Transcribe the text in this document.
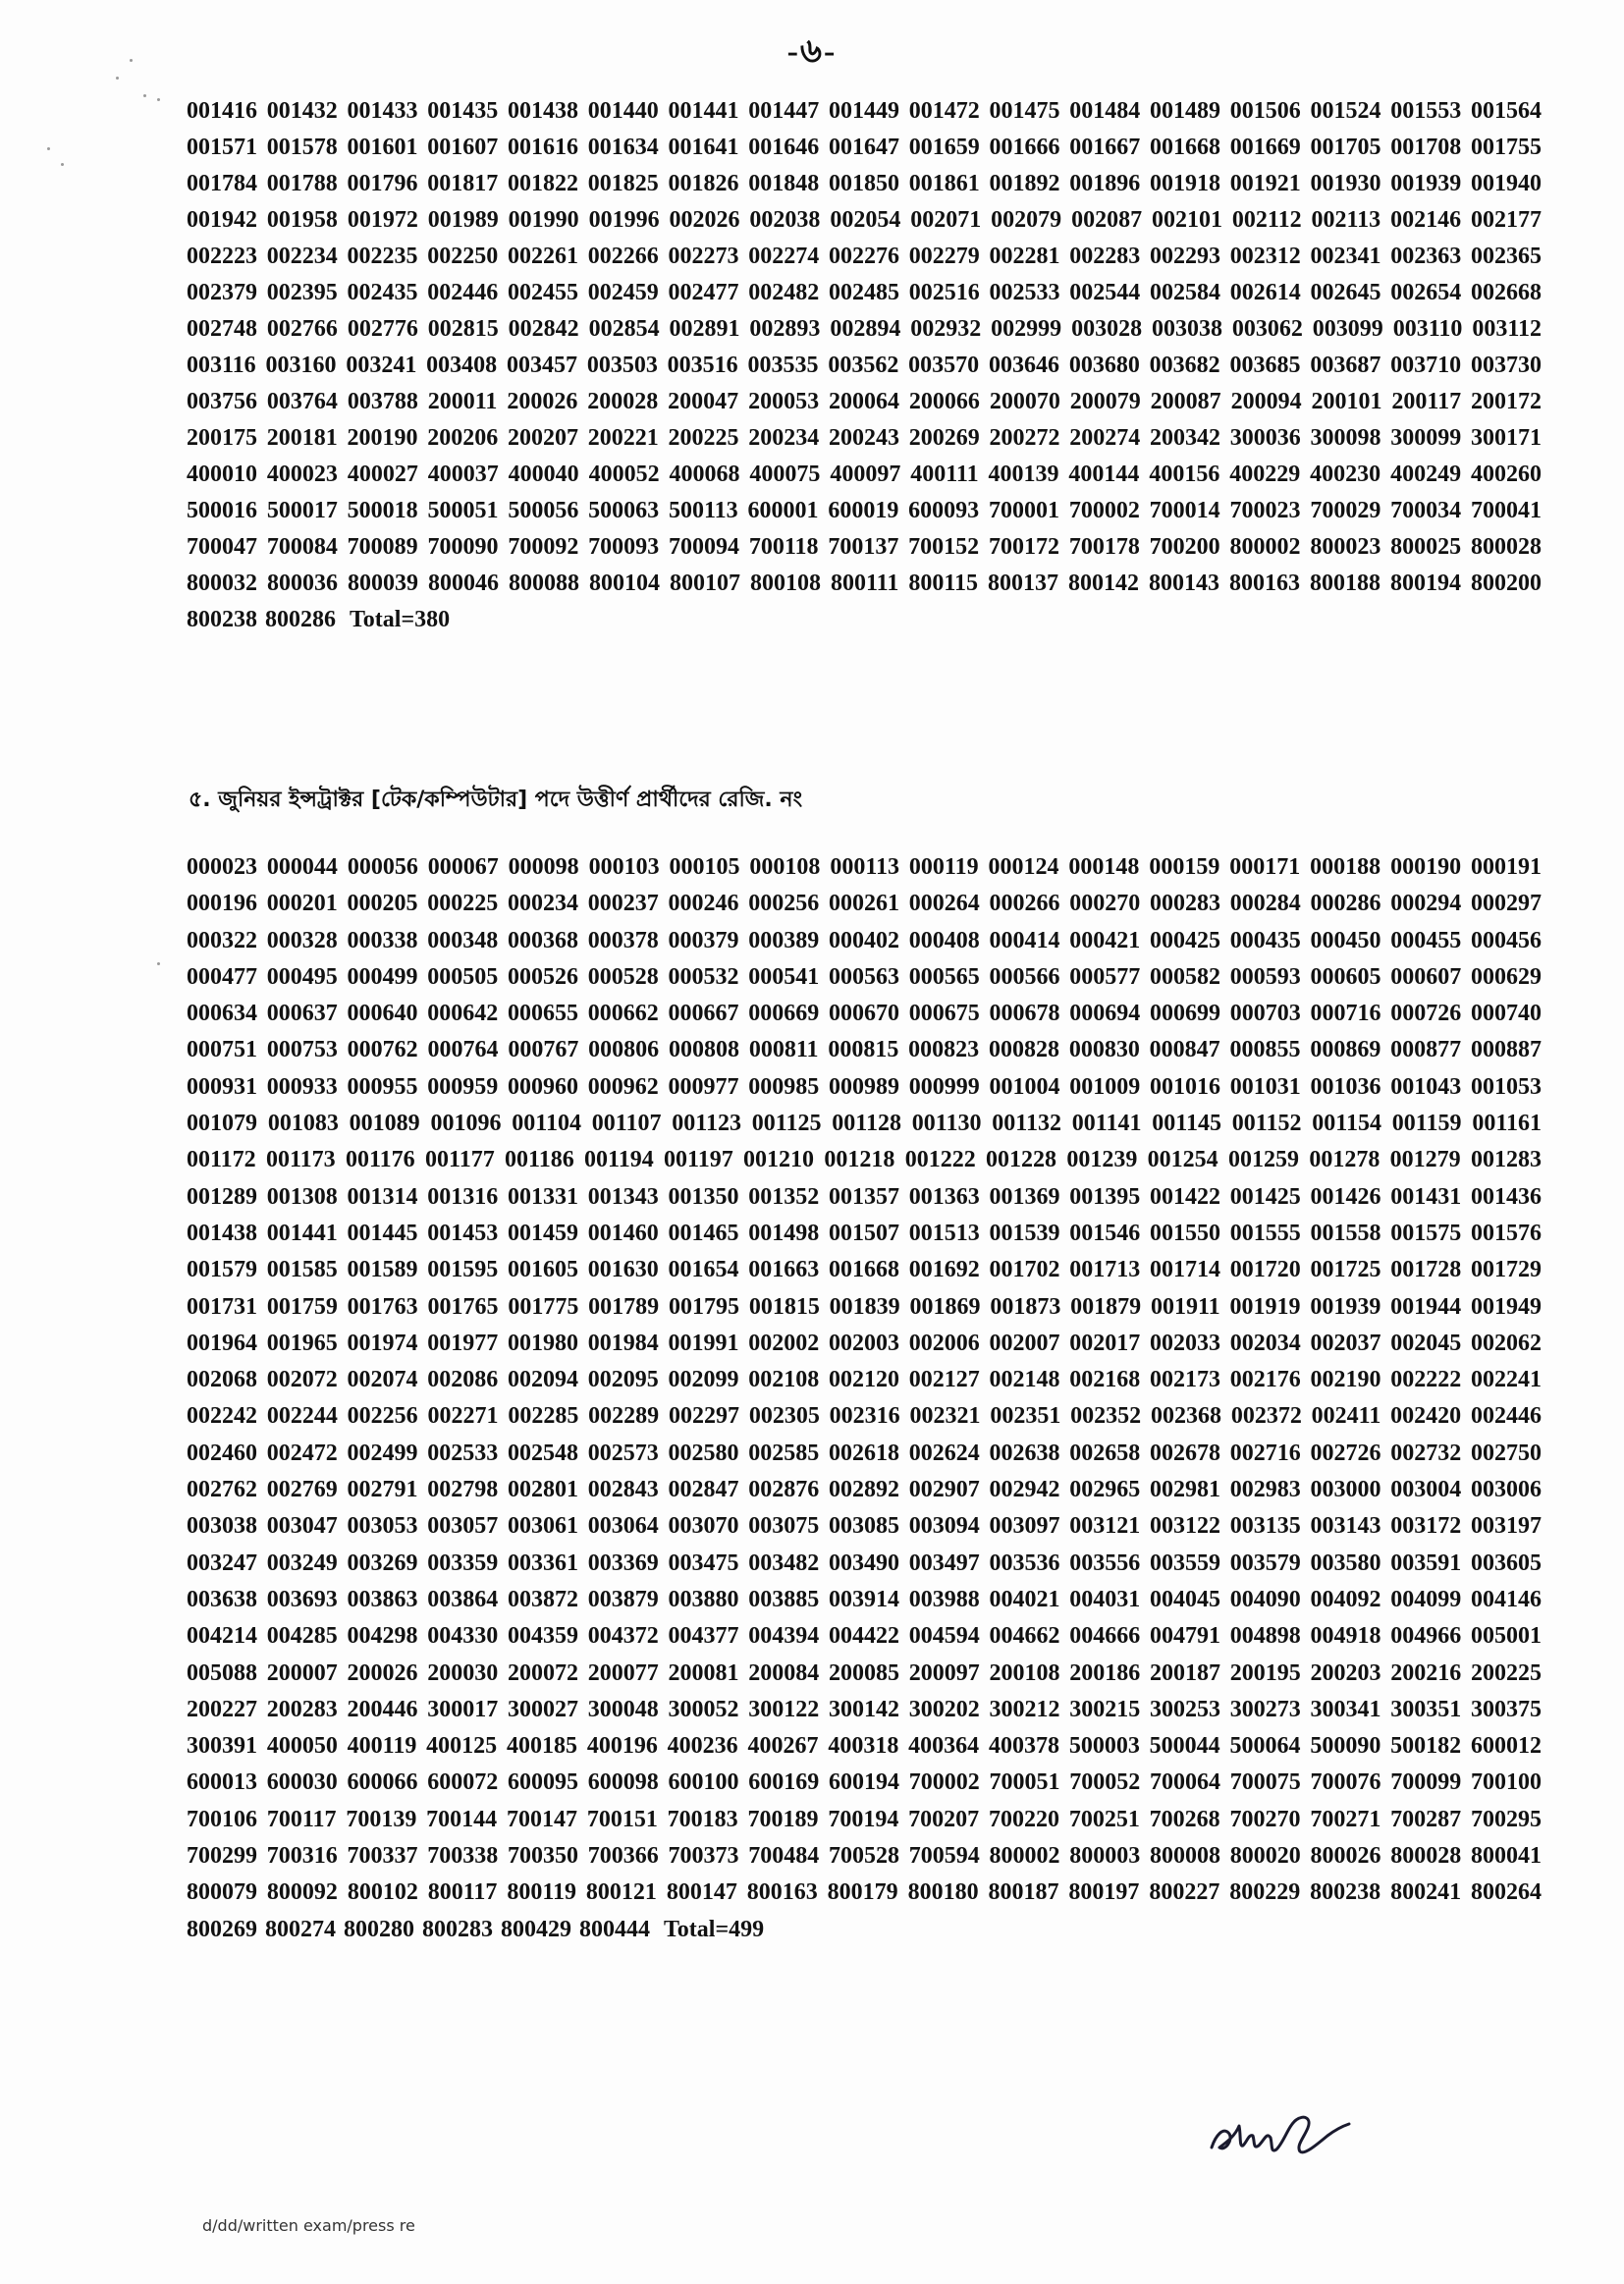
-৬-
001416 001432 001433 001435 001438 001440 001441 001447 001449 001472 001475 001484 001489 001506 001524 001553 001564 001571 001578 001601 001607 001616 001634 001641 001646 001647 001659 001666 001667 001668 001669 001705 001708 001755 001784 001788 001796 001817 001822 001825 001826 001848 001850 001861 001892 001896 001918 001921 001930 001939 001940 001942 001958 001972 001989 001990 001996 002026 002038 002054 002071 002079 002087 002101 002112 002113 002146 002177 002223 002234 002235 002250 002261 002266 002273 002274 002276 002279 002281 002283 002293 002312 002341 002363 002365 002379 002395 002435 002446 002455 002459 002477 002482 002485 002516 002533 002544 002584 002614 002645 002654 002668 002748 002766 002776 002815 002842 002854 002891 002893 002894 002932 002999 003028 003038 003062 003099 003110 003112 003116 003160 003241 003408 003457 003503 003516 003535 003562 003570 003646 003680 003682 003685 003687 003710 003730 003756 003764 003788 200011 200026 200028 200047 200053 200064 200066 200070 200079 200087 200094 200101 200117 200172 200175 200181 200190 200206 200207 200221 200225 200234 200243 200269 200272 200274 200342 300036 300098 300099 300171 400010 400023 400027 400037 400040 400052 400068 400075 400097 400111 400139 400144 400156 400229 400230 400249 400260 500016 500017 500018 500051 500056 500063 500113 600001 600019 600093 700001 700002 700014 700023 700029 700034 700041 700047 700084 700089 700090 700092 700093 700094 700118 700137 700152 700172 700178 700200 800002 800023 800025 800028 800032 800036 800039 800046 800088 800104 800107 800108 800111 800115 800137 800142 800143 800163 800188 800194 800200 800238 800286 Total=380
৫. জুনিয়র ইন্সট্রাক্টর [টেক/কম্পিউটার] পদে উত্তীর্ণ প্রার্থীদের রেজি. নং
000023 000044 000056 000067 000098 000103 000105 000108 000113 000119 000124 000148 000159 000171 000188 000190 000191 000196 000201 000205 000225 000234 000237 000246 000256 000261 000264 000266 000270 000283 000284 000286 000294 000297 000322 000328 000338 000348 000368 000378 000379 000389 000402 000408 000414 000421 000425 000435 000450 000455 000456 000477 000495 000499 000505 000526 000528 000532 000541 000563 000565 000566 000577 000582 000593 000605 000607 000629 000634 000637 000640 000642 000655 000662 000667 000669 000670 000675 000678 000694 000699 000703 000716 000726 000740 000751 000753 000762 000764 000767 000806 000808 000811 000815 000823 000828 000830 000847 000855 000869 000877 000887 000931 000933 000955 000959 000960 000962 000977 000985 000989 000999 001004 001009 001016 001031 001036 001043 001053 001079 001083 001089 001096 001104 001107 001123 001125 001128 001130 001132 001141 001145 001152 001154 001159 001161 001172 001173 001176 001177 001186 001194 001197 001210 001218 001222 001228 001239 001254 001259 001278 001279 001283 001289 001308 001314 001316 001331 001343 001350 001352 001357 001363 001369 001395 001422 001425 001426 001431 001436 001438 001441 001445 001453 001459 001460 001465 001498 001507 001513 001539 001546 001550 001555 001558 001575 001576 001579 001585 001589 001595 001605 001630 001654 001663 001668 001692 001702 001713 001714 001720 001725 001728 001729 001731 001759 001763 001765 001775 001789 001795 001815 001839 001869 001873 001879 001911 001919 001939 001944 001949 001964 001965 001974 001977 001980 001984 001991 002002 002003 002006 002007 002017 002033 002034 002037 002045 002062 002068 002072 002074 002086 002094 002095 002099 002108 002120 002127 002148 002168 002173 002176 002190 002222 002241 002242 002244 002256 002271 002285 002289 002297 002305 002316 002321 002351 002352 002368 002372 002411 002420 002446 002460 002472 002499 002533 002548 002573 002580 002585 002618 002624 002638 002658 002678 002716 002726 002732 002750 002762 002769 002791 002798 002801 002843 002847 002876 002892 002907 002942 002965 002981 002983 003000 003004 003006 003038 003047 003053 003057 003061 003064 003070 003075 003085 003094 003097 003121 003122 003135 003143 003172 003197 003247 003249 003269 003359 003361 003369 003475 003482 003490 003497 003536 003556 003559 003579 003580 003591 003605 003638 003693 003863 003864 003872 003879 003880 003885 003914 003988 004021 004031 004045 004090 004092 004099 004146 004214 004285 004298 004330 004359 004372 004377 004394 004422 004594 004662 004666 004791 004898 004918 004966 005001 005088 200007 200026 200030 200072 200077 200081 200084 200085 200097 200108 200186 200187 200195 200203 200216 200225 200227 200283 200446 300017 300027 300048 300052 300122 300142 300202 300212 300215 300253 300273 300341 300351 300375 300391 400050 400119 400125 400185 400196 400236 400267 400318 400364 400378 500003 500044 500064 500090 500182 600012 600013 600030 600066 600072 600095 600098 600100 600169 600194 700002 700051 700052 700064 700075 700076 700099 700100 700106 700117 700139 700144 700147 700151 700183 700189 700194 700207 700220 700251 700268 700270 700271 700287 700295 700299 700316 700337 700338 700350 700366 700373 700484 700528 700594 800002 800003 800008 800020 800026 800028 800041 800079 800092 800102 800117 800119 800121 800147 800163 800179 800180 800187 800197 800227 800229 800238 800241 800264 800269 800274 800280 800283 800429 800444 Total=499
d/dd/written exam/press re
